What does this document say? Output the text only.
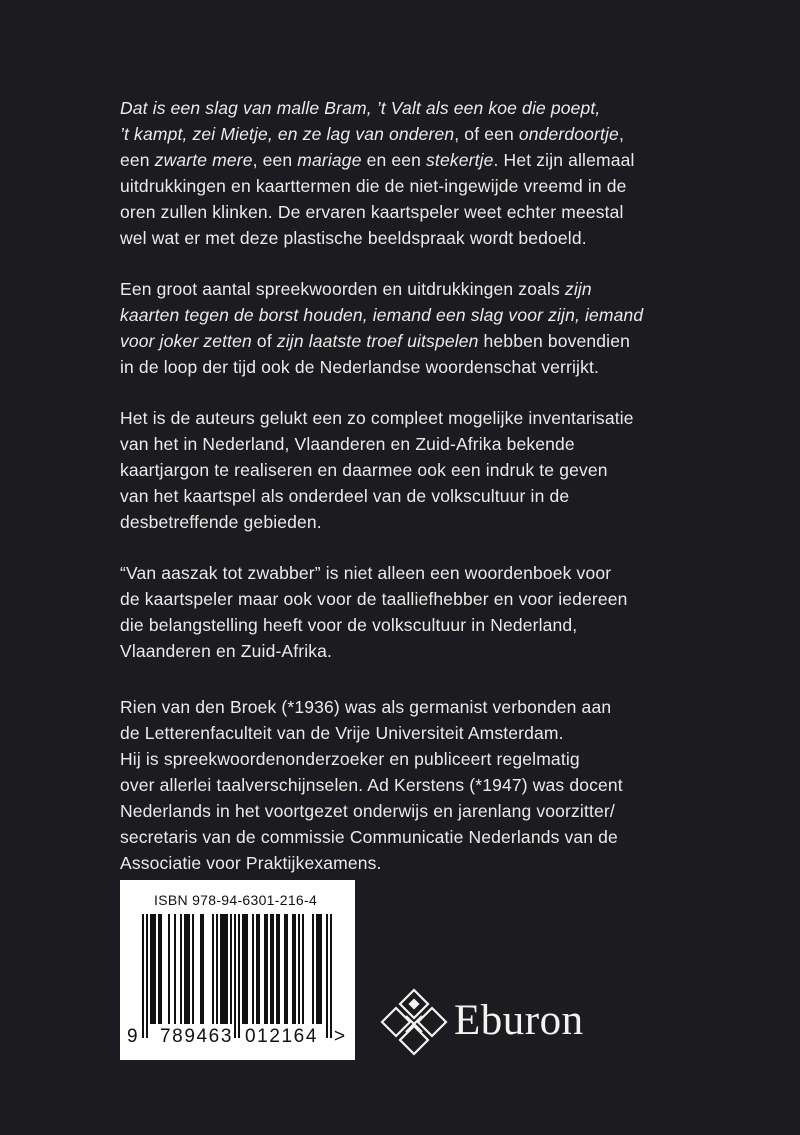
Dat is een slag van malle Bram, ’t Valt als een koe die poept,
’t kampt, zei Mietje, en ze lag van onderen, of een onderdoortje,
een zwarte mere, een mariage en een stekertje. Het zijn allemaal
uitdrukkingen en kaarttermen die de niet-ingewijde vreemd in de
oren zullen klinken. De ervaren kaartspeler weet echter meestal
wel wat er met deze plastische beeldspraak wordt bedoeld.

Een groot aantal spreekwoorden en uitdrukkingen zoals zijn
kaarten tegen de borst houden, iemand een slag voor zijn, iemand
voor joker zetten of zijn laatste troef uitspelen hebben bovendien
in de loop der tijd ook de Nederlandse woordenschat verrijkt.

Het is de auteurs gelukt een zo compleet mogelijke inventarisatie
van het in Nederland, Vlaanderen en Zuid-Afrika bekende
kaartjargon te realiseren en daarmee ook een indruk te geven
van het kaartspel als onderdeel van de volkscultuur in de
desbetreffende gebieden.

“Van aaszak tot zwabber” is niet alleen een woordenboek voor
de kaartspeler maar ook voor de taalliefhebber en voor iedereen
die belangstelling heeft voor de volkscultuur in Nederland,
Vlaanderen en Zuid-Afrika.

Rien van den Broek (*1936) was als germanist verbonden aan
de Letterenfaculteit van de Vrije Universiteit Amsterdam.
Hij is spreekwoordenonderzoeker en publiceert regelmatig
over allerlei taalverschijnselen. Ad Kerstens (*1947) was docent
Nederlands in het voortgezet onderwijs en jarenlang voorzitter/
secretaris van de commissie Communicatie Nederlands van de
Associatie voor Praktijkexamens.

ISBN 978-94-6301-216-4
9 789463 012164 > Eburon
